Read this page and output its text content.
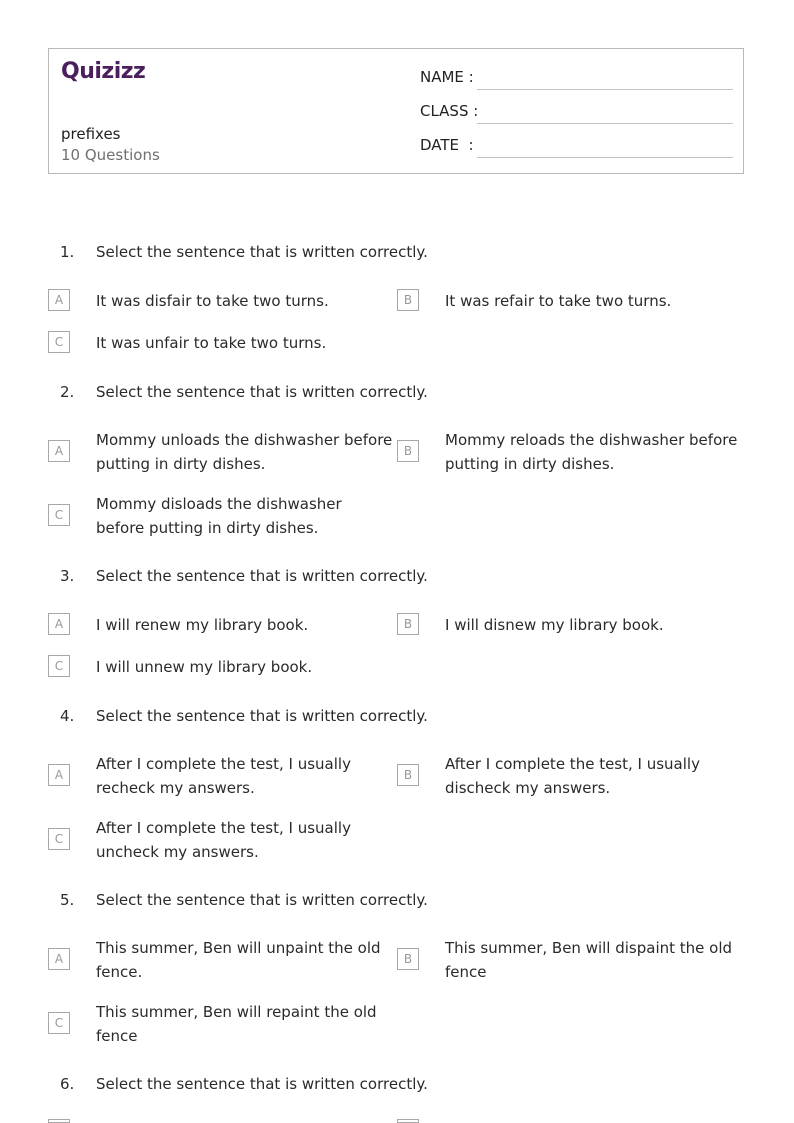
Quizizz
prefixes
10 Questions
NAME :
CLASS :
DATE  :
1.	Select the sentence that is written correctly.
A	It was disfair to take two turns.	B	It was refair to take two turns.
C	It was unfair to take two turns.
2.	Select the sentence that is written correctly.
A
Mommy unloads the dishwasher before putting in dirty dishes.
B
Mommy reloads the dishwasher before putting in dirty dishes.
C
Mommy disloads the dishwasher before putting in dirty dishes.
3.	Select the sentence that is written correctly.
A	I will renew my library book.	B	I will disnew my library book.
C	I will unnew my library book.
4.	Select the sentence that is written correctly.
A
After I complete the test, I usually recheck my answers.
B
After I complete the test, I usually discheck my answers.
C
After I complete the test, I usually uncheck my answers.
5.	Select the sentence that is written correctly.
A
This summer, Ben will unpaint the old fence.
B
This summer, Ben will dispaint the old fence
C
This summer, Ben will repaint the old fence
6.	Select the sentence that is written correctly.
